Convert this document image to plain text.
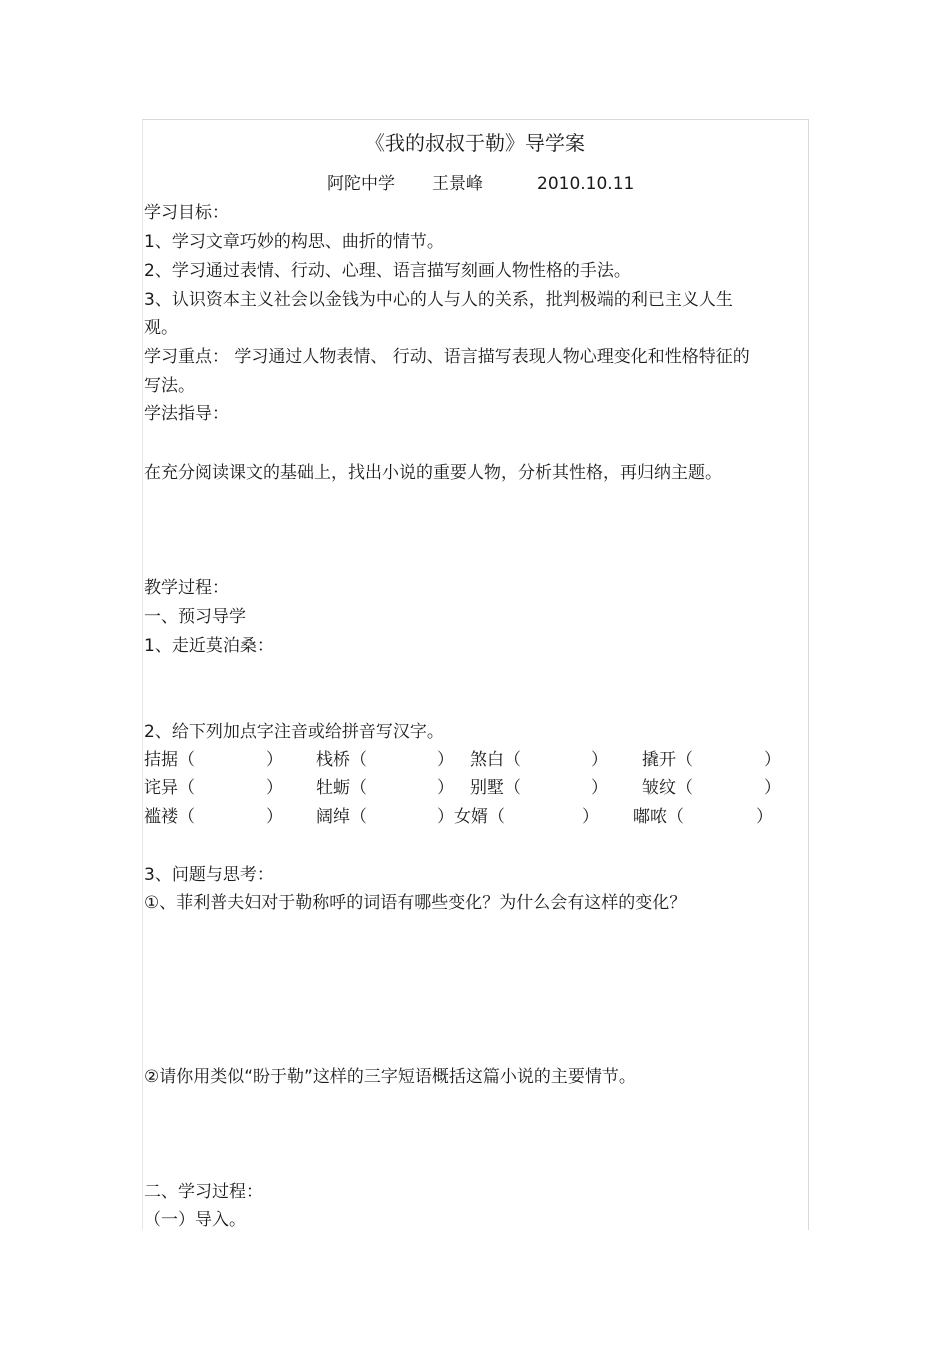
《我的叔叔于勒》导学案
阿陀中学 王景峰	2010.10.11
学习目标：
1、学习文章巧妙的构思、曲折的情节。
2、学习通过表情、行动、心理、语言描写刻画人物性格的手法。
3、认识资本主义社会以金钱为中心的人与人的关系，批判极端的利已主义人生
观。
学习重点： 学习通过人物表情、 行动、语言描写表现人物心理变化和性格特征的
写法。
学法指导：
在充分阅读课文的基础上，找出小说的重要人物，分析其性格，再归纳主题。
教学过程：
一、预习导学
1、走近莫泊桑：
2、给下列加点字注音或给拼音写汉字。
拮据（	） 栈桥（	） 煞白（	） 撬开（	）
诧异（	） 牡蛎（	） 别墅（	） 皱纹（	）
褴褛（	） 阔绰（	）女婿（	） 嘟哝（	）
3、问题与思考：
①、菲利普夫妇对于勒称呼的词语有哪些变化？为什么会有这样的变化？
②请你用类似“盼于勒”这样的三字短语概括这篇小说的主要情节。
二、学习过程：
（一）导入。
